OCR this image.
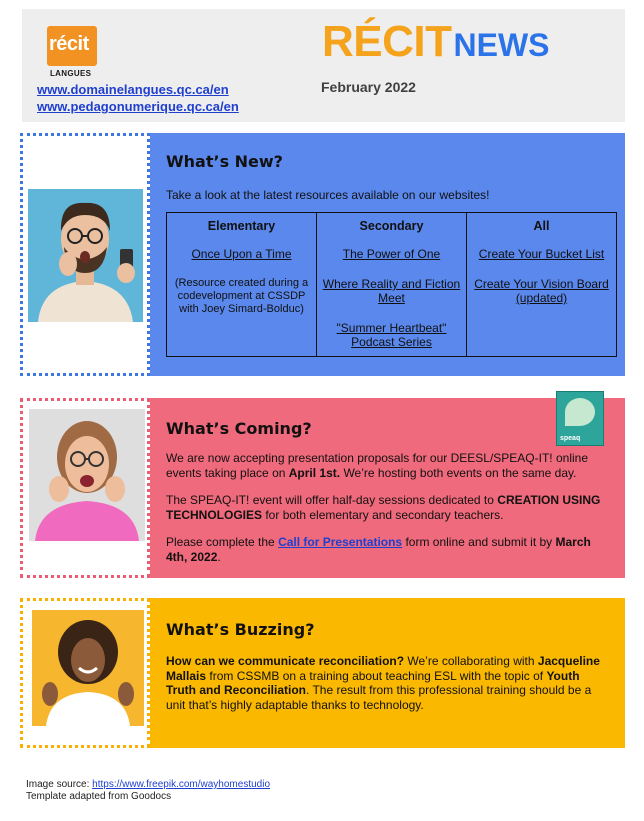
récit
LANGUES
www.domainelangues.qc.ca/en
www.pedagonumerique.qc.ca/en
RÉCITNEWS
February 2022
What’s New?
Take a look at the latest resources available on our websites!
Elementary
Once Upon a Time
(Resource created during a codevelopment at CSSDP with Joey Simard-Bolduc)
Secondary
The Power of One
Where Reality and Fiction Meet
"Summer Heartbeat" Podcast Series
All
Create Your Bucket List
Create Your Vision Board (updated)
What’s Coming?

We are now accepting presentation proposals for our DEESL/SPEAQ-IT! online events taking place on April 1st. We’re hosting both events on the same day.

The SPEAQ-IT! event will offer half-day sessions dedicated to CREATION USING TECHNOLOGIES for both elementary and secondary teachers.

Please complete the Call for Presentations form online and submit it by March 4th, 2022.

speaq
What’s Buzzing?

How can we communicate reconciliation? We’re collaborating with Jacqueline Mallais from CSSMB on a training about teaching ESL with the topic of Youth Truth and Reconciliation. The result from this professional training should be a unit that’s highly adaptable thanks to technology.

Image source: https://www.freepik.com/wayhomestudio
Template adapted from Goodocs
